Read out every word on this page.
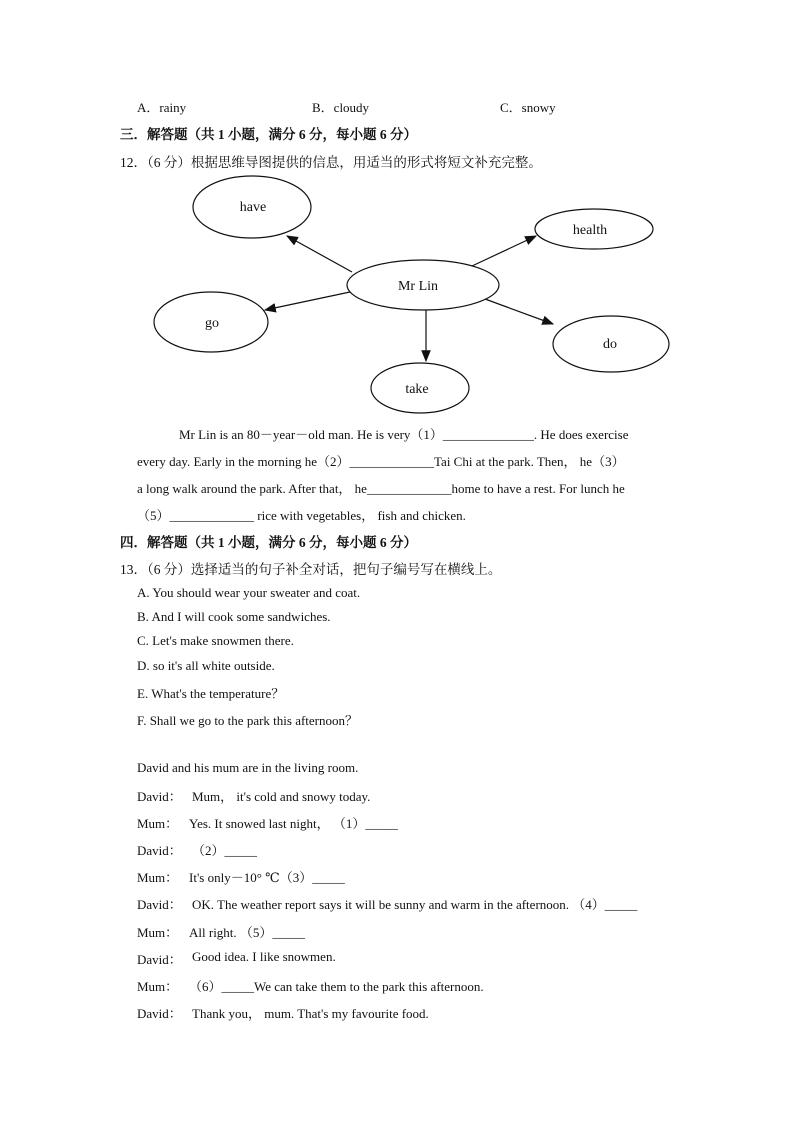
A．rainy	B．cloudy	C．snowy
三．解答题（共 1 小题，满分 6 分，每小题 6 分）
12．（6 分）根据思维导图提供的信息，用适当的形式将短文补充完整。
Mr Lin
have
health
go
do
take
Mr Lin is an 80－year－old man. He is very（1）______________. He does exercise
every day. Early in the morning he（2）_____________Tai Chi at the park. Then， he（3）
a long walk around the park. After that， he_____________home to have a rest. For lunch he
（5）_____________ rice with vegetables， fish and chicken.
四．解答题（共 1 小题，满分 6 分，每小题 6 分）
13．（6 分）选择适当的句子补全对话，把句子编号写在横线上。
A. You should wear your sweater and coat.
B. And I will cook some sandwiches.
C. Let's make snowmen there.
D. so it's all white outside.
E. What's the temperature？
F. Shall we go to the park this afternoon？
David and his mum are in the living room.
David： Mum， it's cold and snowy today.
Mum： Yes. It snowed last night， （1）_____
David： （2）_____
Mum： It's only－10° ℃（3）_____
David： OK. The weather report says it will be sunny and warm in the afternoon. （4）_____
Mum： All right. （5）_____
David： Good idea. I like snowmen.
Mum： （6）_____We can take them to the park this afternoon.
David： Thank you， mum. That's my favourite food.
